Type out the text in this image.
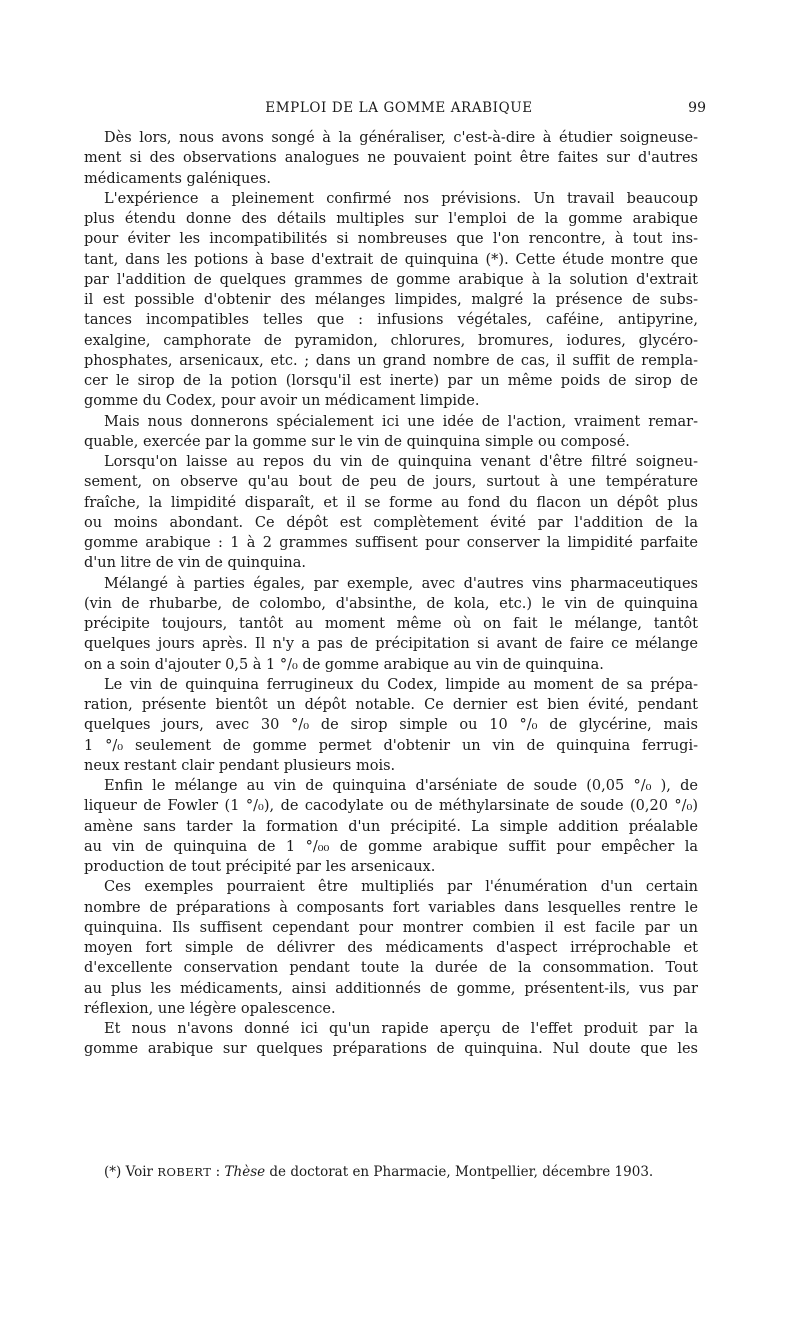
EMPLOI DE LA GOMME ARABIQUE	99
Dès lors, nous avons songé à la généraliser, c'est-à-dire à étudier soigneuse-
ment si des observations analogues ne pouvaient point être faites sur d'autres
médicaments galéniques.
L'expérience a pleinement confirmé nos prévisions. Un travail beaucoup
plus étendu donne des détails multiples sur l'emploi de la gomme arabique
pour éviter les incompatibilités si nombreuses que l'on rencontre, à tout ins-
tant, dans les potions à base d'extrait de quinquina (*). Cette étude montre que
par l'addition de quelques grammes de gomme arabique à la solution d'extrait
il est possible d'obtenir des mélanges limpides, malgré la présence de subs-
tances incompatibles telles que : infusions végétales, caféine, antipyrine,
exalgine, camphorate de pyramidon, chlorures, bromures, iodures, glycéro-
phosphates, arsenicaux, etc. ; dans un grand nombre de cas, il suffit de rempla-
cer le sirop de la potion (lorsqu'il est inerte) par un même poids de sirop de
gomme du Codex, pour avoir un médicament limpide.
Mais nous donnerons spécialement ici une idée de l'action, vraiment remar-
quable, exercée par la gomme sur le vin de quinquina simple ou composé.
Lorsqu'on laisse au repos du vin de quinquina venant d'être filtré soigneu-
sement, on observe qu'au bout de peu de jours, surtout à une température
fraîche, la limpidité disparaît, et il se forme au fond du flacon un dépôt plus
ou moins abondant. Ce dépôt est complètement évité par l'addition de la
gomme arabique : 1 à 2 grammes suffisent pour conserver la limpidité parfaite
d'un litre de vin de quinquina.
Mélangé à parties égales, par exemple, avec d'autres vins pharmaceutiques
(vin de rhubarbe, de colombo, d'absinthe, de kola, etc.) le vin de quinquina
précipite toujours, tantôt au moment même où on fait le mélange, tantôt
quelques jours après. Il n'y a pas de précipitation si avant de faire ce mélange
on a soin d'ajouter 0,5 à 1 °/₀ de gomme arabique au vin de quinquina.
Le vin de quinquina ferrugineux du Codex, limpide au moment de sa prépa-
ration, présente bientôt un dépôt notable. Ce dernier est bien évité, pendant
quelques jours, avec 30 °/₀ de sirop simple ou 10 °/₀ de glycérine, mais
1 °/₀ seulement de gomme permet d'obtenir un vin de quinquina ferrugi-
neux restant clair pendant plusieurs mois.
Enfin le mélange au vin de quinquina d'arséniate de soude (0,05 °/₀ ), de
liqueur de Fowler (1 °/₀), de cacodylate ou de méthylarsinate de soude (0,20 °/₀)
amène sans tarder la formation d'un précipité. La simple addition préalable
au vin de quinquina de 1 °/₀₀ de gomme arabique suffit pour empêcher la
production de tout précipité par les arsenicaux.
Ces exemples pourraient être multipliés par l'énumération d'un certain
nombre de préparations à composants fort variables dans lesquelles rentre le
quinquina. Ils suffisent cependant pour montrer combien il est facile par un
moyen fort simple de délivrer des médicaments d'aspect irréprochable et
d'excellente conservation pendant toute la durée de la consommation. Tout
au plus les médicaments, ainsi additionnés de gomme, présentent-ils, vus par
réflexion, une légère opalescence.
Et nous n'avons donné ici qu'un rapide aperçu de l'effet produit par la
gomme arabique sur quelques préparations de quinquina. Nul doute que les
(*) Voir ROBERT : Thèse de doctorat en Pharmacie, Montpellier, décembre 1903.
